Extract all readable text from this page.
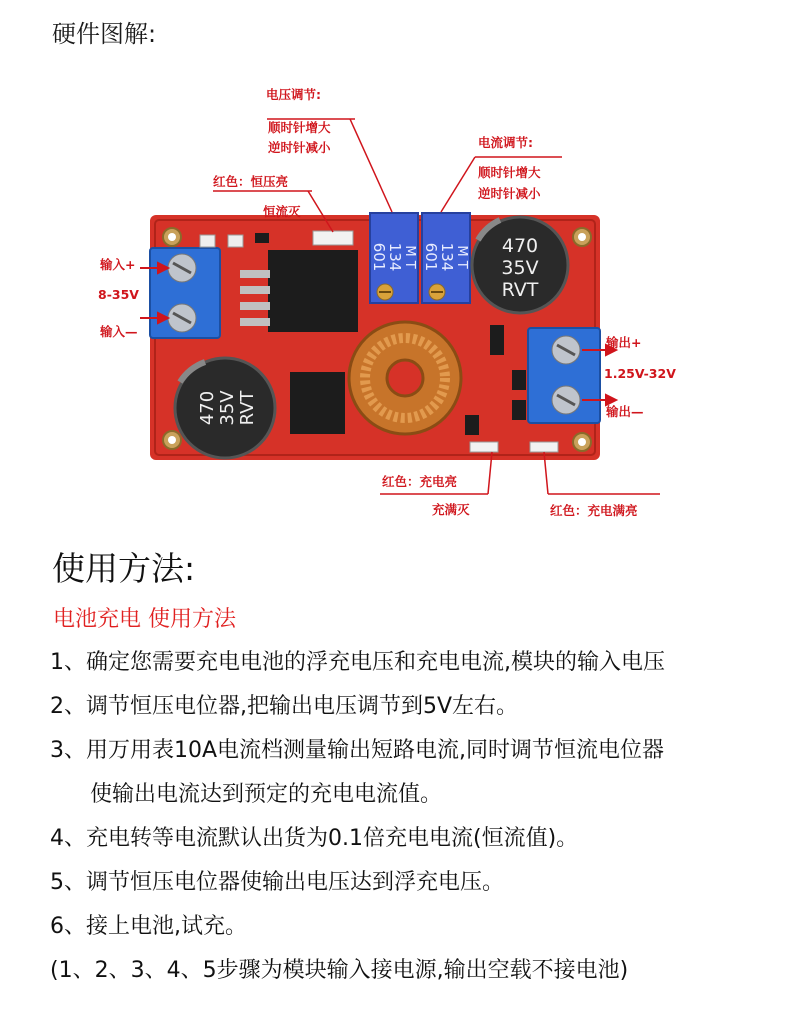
硬件图解:
470
35V
RVT
470 35V RVT
134
601 M T 134
601 M T
电压调节:
顺时针增大
逆时针减小	电流调节:
顺时针增大
逆时针减小
红色：恒压亮
恒流灭
输入+
8-35V
输入—
输出+
1.25V-32V
输出—
红色：充电亮
充满灭	红色：充电满亮
使用方法:
电池充电 使用方法
1、确定您需要充电电池的浮充电压和充电电流,模块的输入电压
2、调节恒压电位器,把输出电压调节到5V左右。
3、用万用表10A电流档测量输出短路电流,同时调节恒流电位器
使输出电流达到预定的充电电流值。
4、充电转等电流默认出货为0.1倍充电电流(恒流值)。
5、调节恒压电位器使输出电压达到浮充电压。
6、接上电池,试充。
(1、2、3、4、5步骤为模块输入接电源,输出空载不接电池)
